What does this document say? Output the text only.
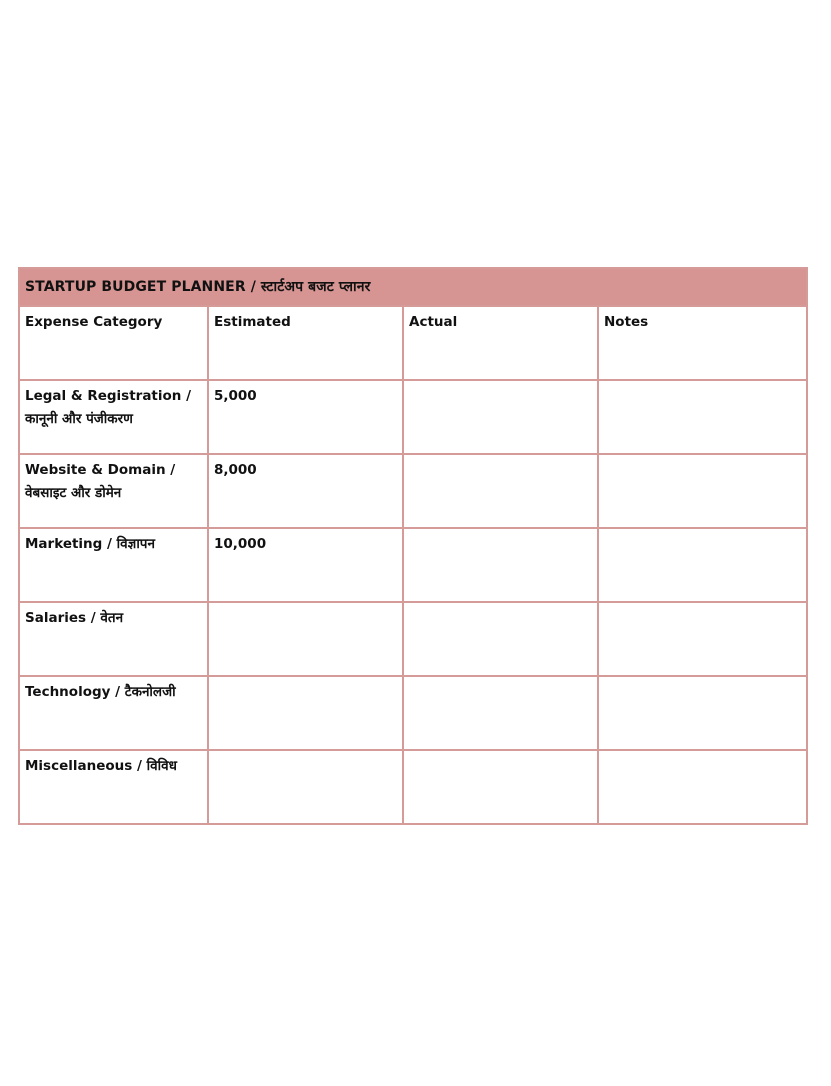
STARTUP BUDGET PLANNER / स्टार्टअप बजट प्लानर			
Expense Category	Estimated	Actual	Notes
Legal & Registration / कानूनी और पंजीकरण	5,000		
Website & Domain / वेबसाइट और डोमेन	8,000		
Marketing / विज्ञापन	10,000		
Salaries / वेतन			
Technology / टैकनोलजी			
Miscellaneous / विविध			
